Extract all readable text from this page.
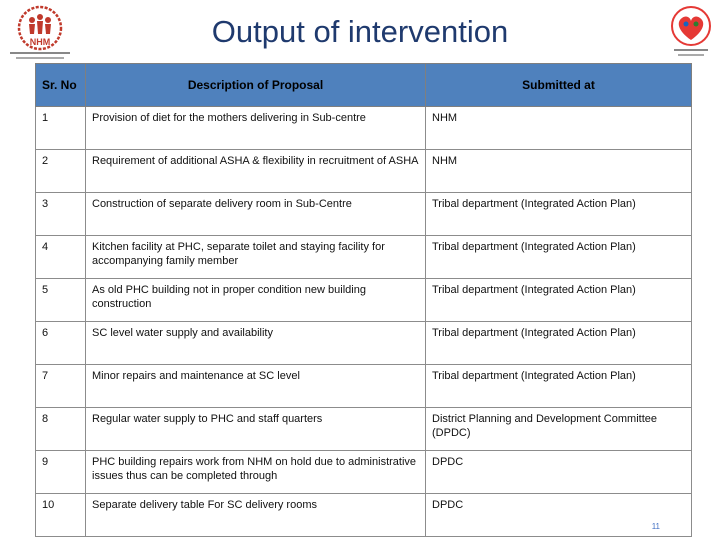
NHM	Output of intervention
Sr. No	Description of Proposal	Submitted at
1	Provision of diet for the mothers delivering in Sub-centre	NHM
2	Requirement of additional ASHA & flexibility in recruitment of ASHA	NHM
3	Construction of separate delivery room in Sub-Centre	Tribal department (Integrated Action Plan)
4	Kitchen facility at PHC, separate toilet and staying facility for accompanying family member	Tribal department (Integrated Action Plan)
5	As old PHC building not in proper condition new building construction	Tribal department (Integrated Action Plan)
6	SC level water supply and availability	Tribal department (Integrated Action Plan)
7	Minor repairs and maintenance at SC level	Tribal department (Integrated Action Plan)
8	Regular water supply to PHC and staff quarters	District Planning and Development Committee (DPDC)
9	PHC building repairs work from NHM on hold due to administrative issues thus can be completed through	DPDC
10	Separate delivery table For SC delivery rooms	DPDC
11
